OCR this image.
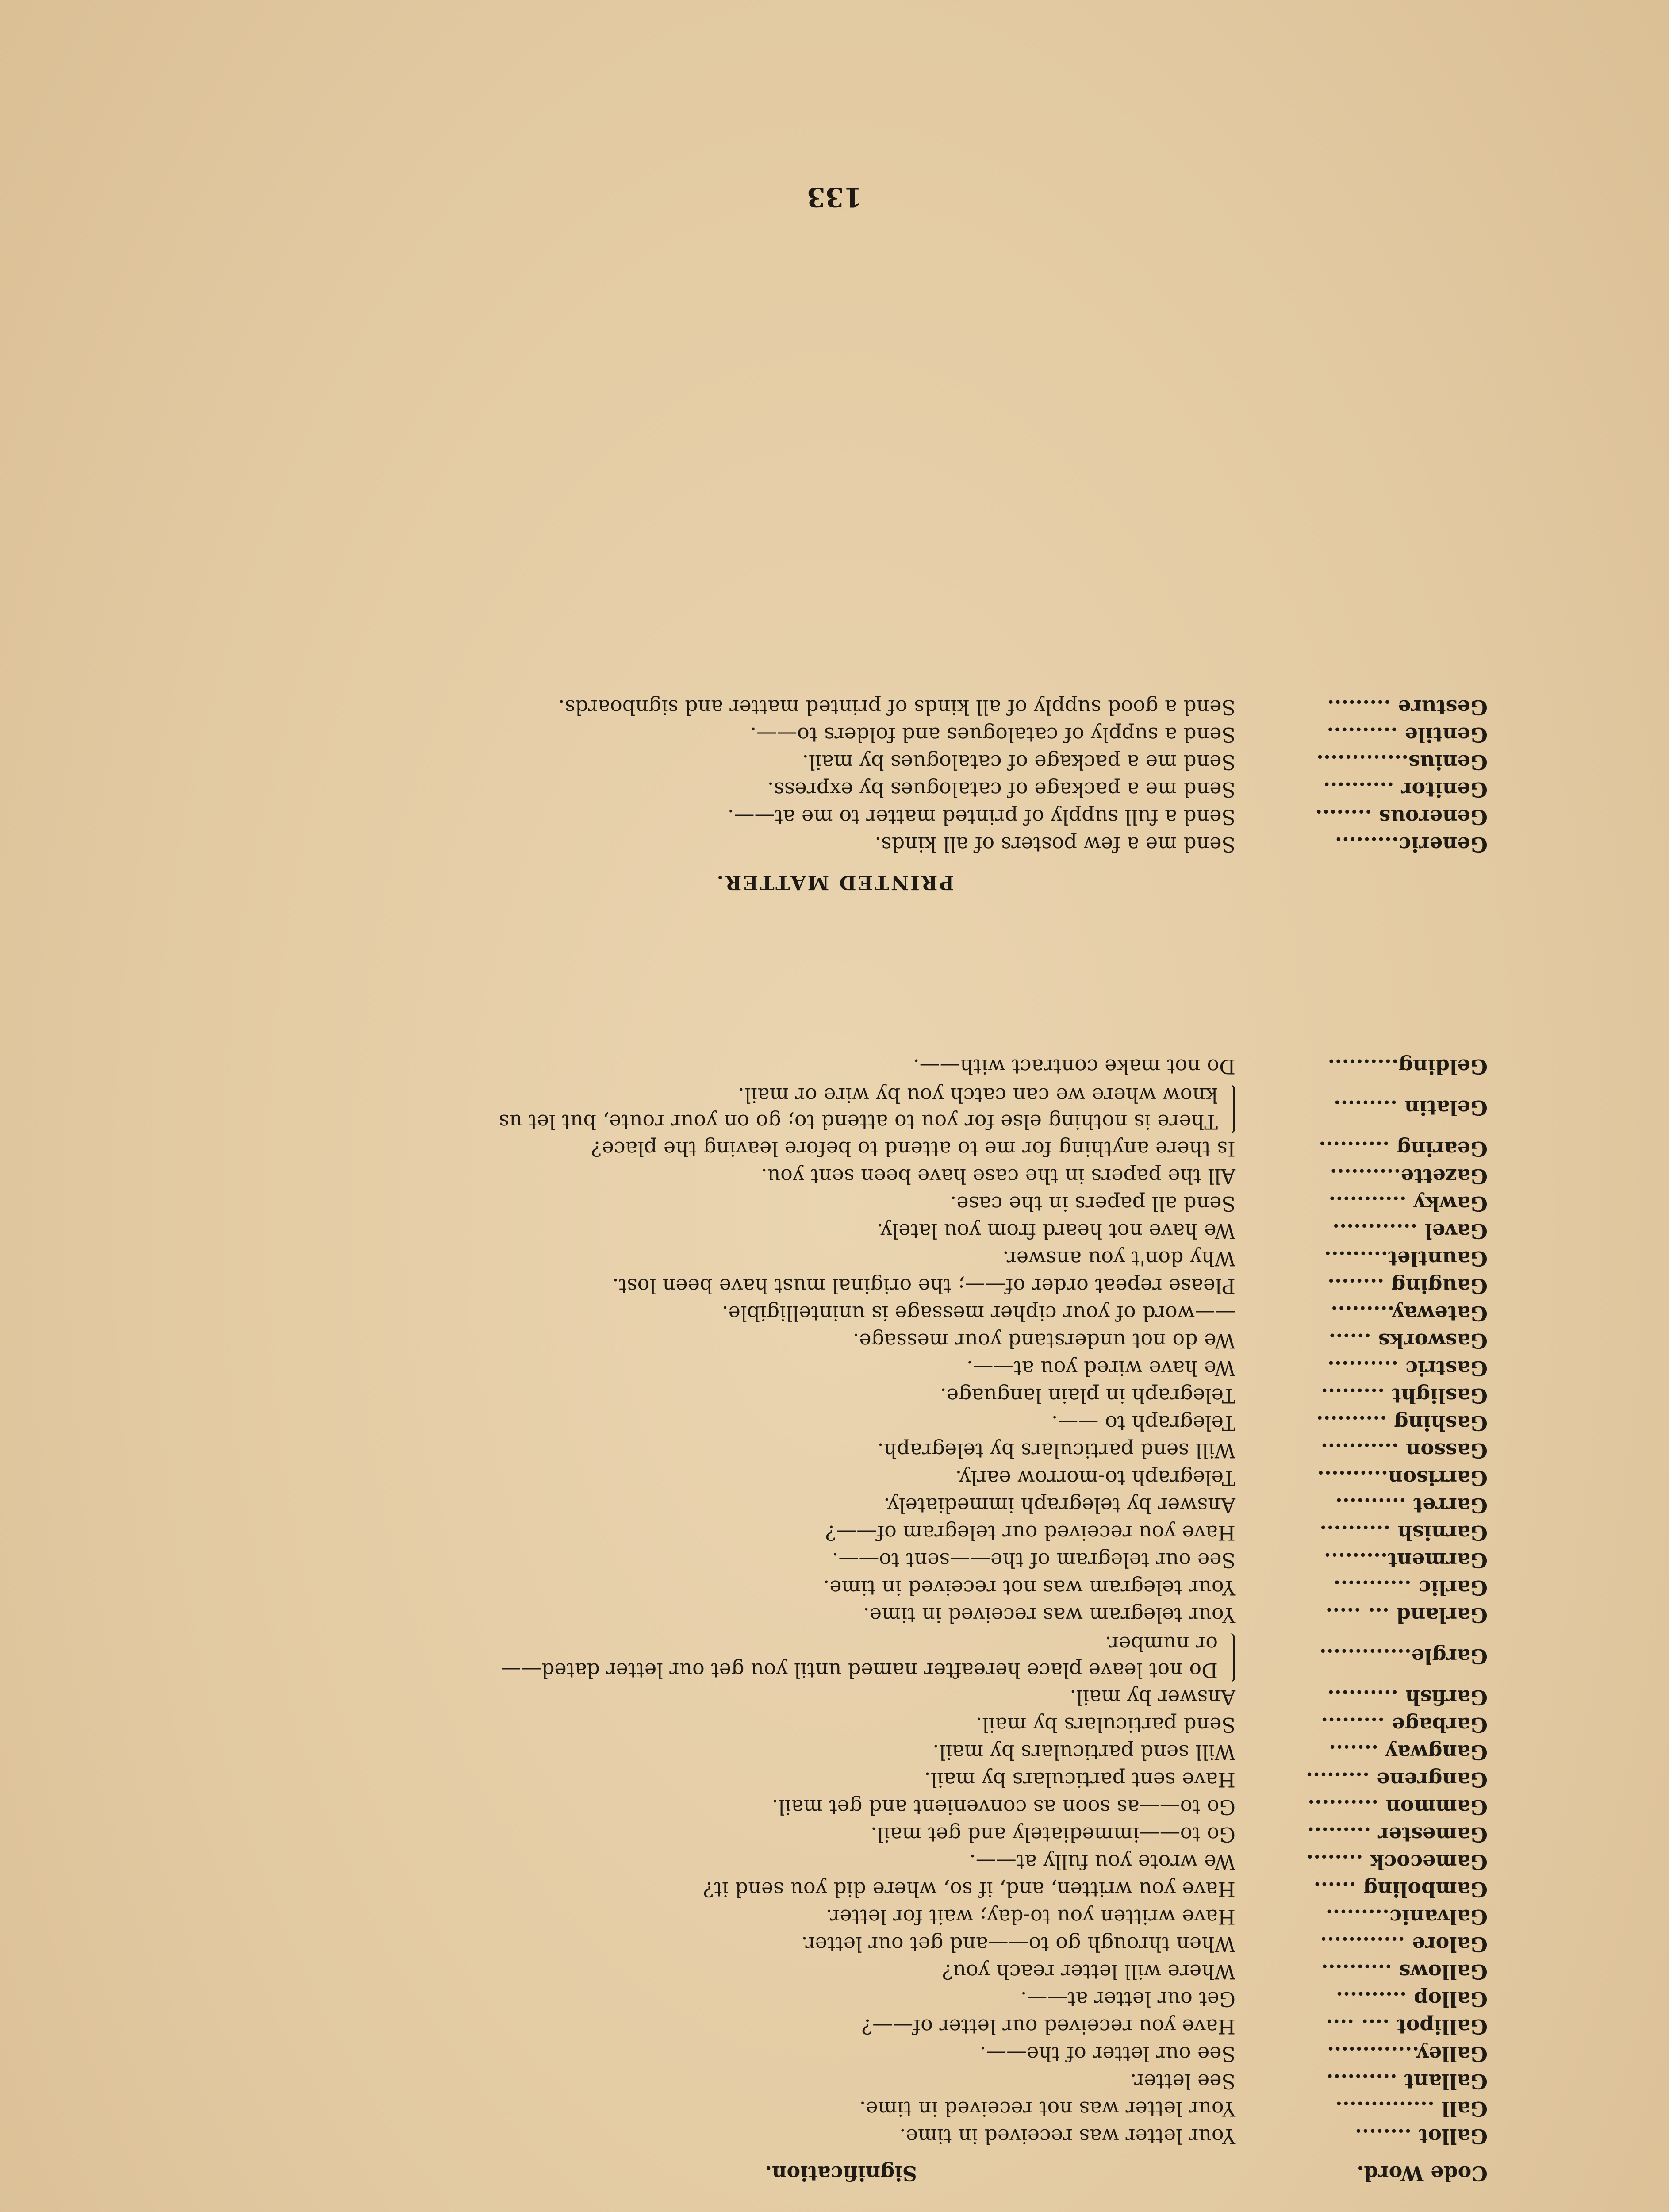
Code Word.
Signification.
Gallot ........
Your letter was received in time.
Gall ..............
Your letter was not received in time.
Gallant ..........
See letter.
Galley.............
See our letter of the——.
Gallipot .... ....
Have you received our letter of——?
Gallop ..........
Get our letter at——.
Gallows ..........
Where will letter reach you?
Galore ............
When through go to——and get our letter.
Galvanic.........
Have written you to-day; wait for letter.
Gamboling ......
Have you written, and, if so, where did you send it?
Gamecock ........
We wrote you fully at——.
Gamester .........
Go to——immediately and get mail.
Gammon ..........
Go to——as soon as convenient and get mail.
Gangrene .........
Have sent particulars by mail.
Gangway .......
Will send particulars by mail.
Garbage .........
Send particulars by mail.
Garfish ..........
Answer by mail.
Gargle.............
Do not leave place hereafter named until you get our letter dated——
or number.
Garland ... .....
Your telegram was received in time.
Garlic ...........
Your telegram was not received in time.
Garment.........
See our telegram of the——sent to——.
Garnish ..........
Have you received our telegram of——?
Garret ..........
Answer by telegraph immediately.
Garrison..........
Telegraph to-morrow early.
Gasson ...........
Will send particulars by telegraph.
Gashing ..........
Telegraph to ——.
Gaslight .........
Telegraph in plain language.
Gastric ..........
We have wired you at——.
Gasworks ......
We do not understand your message.
Gateway.........
——word of your cipher message is unintelligible.
Gauging ........
Please repeat order of——; the original must have been lost.
Gauntlet.........
Why don't you answer.
Gavel ............
We have not heard from you lately.
Gawky ...........
Send all papers in the case.
Gazette..........
All the papers in the case have been sent you.
Gearing ..........
Is there anything for me to attend to before leaving the place?
Gelatin .........
There is nothing else for you to attend to; go on your route, but let us
know where we can catch you by wire or mail.
Gelding..........
Do not make contract with——.
PRINTED MATTER.
Generic.........
Send me a few posters of all kinds.
Generous ........
Send a full supply of printed matter to me at——.
Genitor ..........
Send me a package of catalogues by express.
Genius.............
Send me a package of catalogues by mail.
Gentile ..........
Send a supply of catalogues and folders to——.
Gesture .........
Send a good supply of all kinds of printed matter and signboards.
133
